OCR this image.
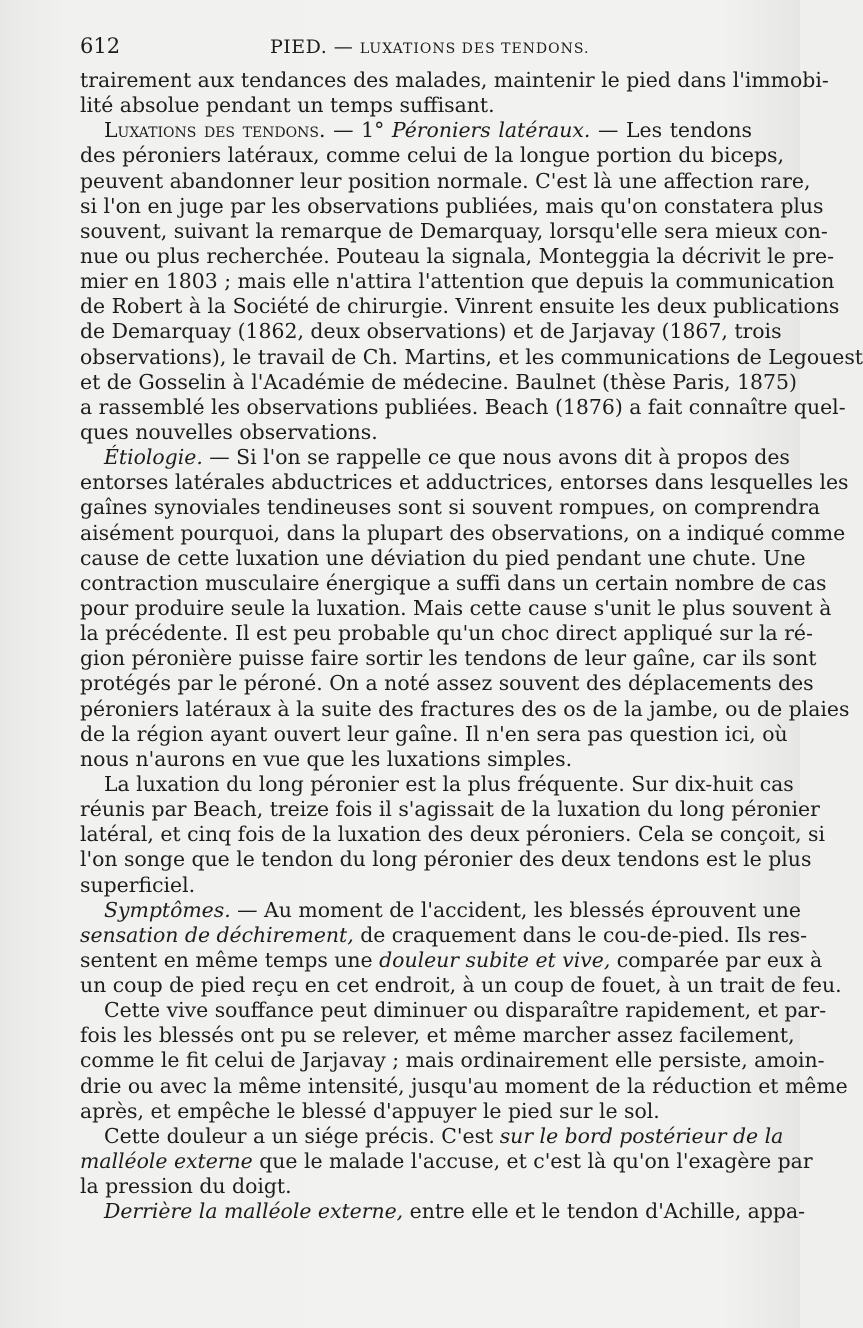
612	PIED. — LUXATIONS DES TENDONS.
trairement aux tendances des malades, maintenir le pied dans l'immobi-
lité absolue pendant un temps suffisant.
Luxations des tendons. — 1° Péroniers latéraux. — Les tendons
des péroniers latéraux, comme celui de la longue portion du biceps,
peuvent abandonner leur position normale. C'est là une affection rare,
si l'on en juge par les observations publiées, mais qu'on constatera plus
souvent, suivant la remarque de Demarquay, lorsqu'elle sera mieux con-
nue ou plus recherchée. Pouteau la signala, Monteggia la décrivit le pre-
mier en 1803 ; mais elle n'attira l'attention que depuis la communication
de Robert à la Société de chirurgie. Vinrent ensuite les deux publications
de Demarquay (1862, deux observations) et de Jarjavay (1867, trois
observations), le travail de Ch. Martins, et les communications de Legouest
et de Gosselin à l'Académie de médecine. Baulnet (thèse Paris, 1875)
a rassemblé les observations publiées. Beach (1876) a fait connaître quel-
ques nouvelles observations.
Étiologie. — Si l'on se rappelle ce que nous avons dit à propos des
entorses latérales abductrices et adductrices, entorses dans lesquelles les
gaînes synoviales tendineuses sont si souvent rompues, on comprendra
aisément pourquoi, dans la plupart des observations, on a indiqué comme
cause de cette luxation une déviation du pied pendant une chute. Une
contraction musculaire énergique a suffi dans un certain nombre de cas
pour produire seule la luxation. Mais cette cause s'unit le plus souvent à
la précédente. Il est peu probable qu'un choc direct appliqué sur la ré-
gion péronière puisse faire sortir les tendons de leur gaîne, car ils sont
protégés par le péroné. On a noté assez souvent des déplacements des
péroniers latéraux à la suite des fractures des os de la jambe, ou de plaies
de la région ayant ouvert leur gaîne. Il n'en sera pas question ici, où
nous n'aurons en vue que les luxations simples.
La luxation du long péronier est la plus fréquente. Sur dix-huit cas
réunis par Beach, treize fois il s'agissait de la luxation du long péronier
latéral, et cinq fois de la luxation des deux péroniers. Cela se conçoit, si
l'on songe que le tendon du long péronier des deux tendons est le plus
superficiel.
Symptômes. — Au moment de l'accident, les blessés éprouvent une
sensation de déchirement, de craquement dans le cou-de-pied. Ils res-
sentent en même temps une douleur subite et vive, comparée par eux à
un coup de pied reçu en cet endroit, à un coup de fouet, à un trait de feu.
Cette vive souffance peut diminuer ou disparaître rapidement, et par-
fois les blessés ont pu se relever, et même marcher assez facilement,
comme le fit celui de Jarjavay ; mais ordinairement elle persiste, amoin-
drie ou avec la même intensité, jusqu'au moment de la réduction et même
après, et empêche le blessé d'appuyer le pied sur le sol.
Cette douleur a un siége précis. C'est sur le bord postérieur de la
malléole externe que le malade l'accuse, et c'est là qu'on l'exagère par
la pression du doigt.
Derrière la malléole externe, entre elle et le tendon d'Achille, appa-
